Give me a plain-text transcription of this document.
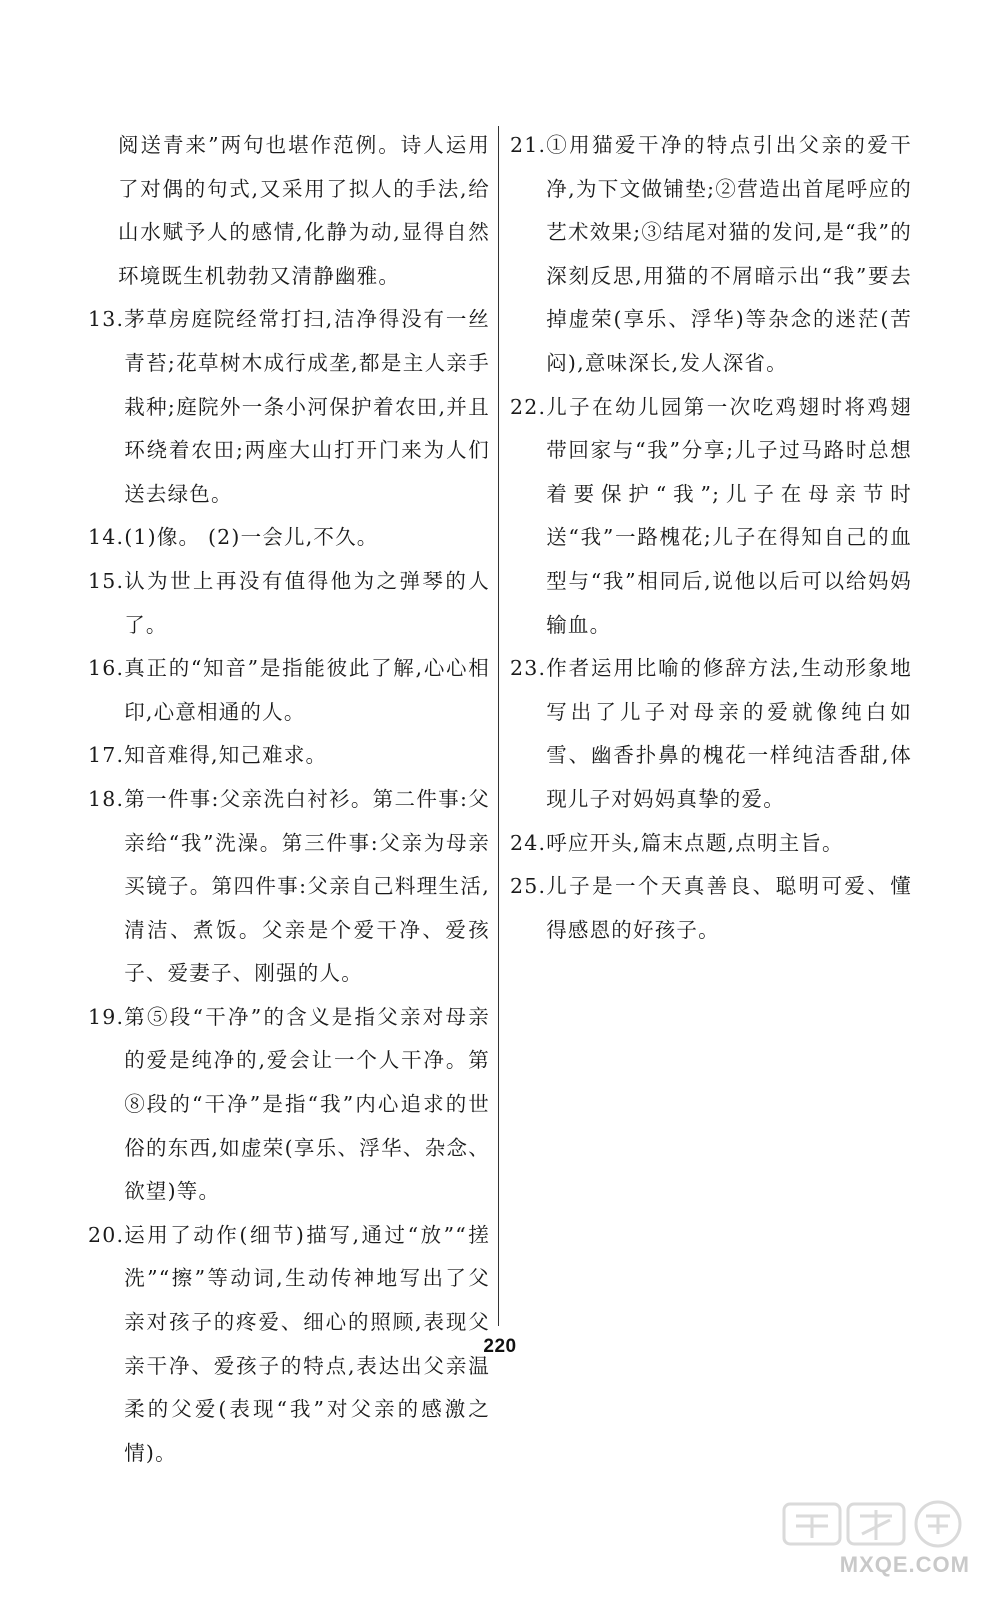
阅送青来”两句也堪作范例。诗人运用了对偶的句式,又采用了拟人的手法,给山水赋予人的感情,化静为动,显得自然环境既生机勃勃又清静幽雅。
13. 茅草房庭院经常打扫,洁净得没有一丝青苔;花草树木成行成垄,都是主人亲手栽种;庭院外一条小河保护着农田,并且环绕着农田;两座大山打开门来为人们送去绿色。
14. (1)像。 (2)一会儿,不久。
15. 认为世上再没有值得他为之弹琴的人了。
16. 真正的“知音”是指能彼此了解,心心相印,心意相通的人。
17. 知音难得,知己难求。
18. 第一件事:父亲洗白衬衫。第二件事:父亲给“我”洗澡。第三件事:父亲为母亲买镜子。第四件事:父亲自己料理生活,清洁、煮饭。父亲是个爱干净、爱孩子、爱妻子、刚强的人。
19. 第⑤段“干净”的含义是指父亲对母亲的爱是纯净的,爱会让一个人干净。第⑧段的“干净”是指“我”内心追求的世俗的东西,如虚荣(享乐、浮华、杂念、欲望)等。
20. 运用了动作(细节)描写,通过“放”“搓洗”“擦”等动词,生动传神地写出了父亲对孩子的疼爱、细心的照顾,表现父亲干净、爱孩子的特点,表达出父亲温柔的父爱(表现“我”对父亲的感激之情)。
21. ①用猫爱干净的特点引出父亲的爱干净,为下文做铺垫;②营造出首尾呼应的艺术效果;③结尾对猫的发问,是“我”的深刻反思,用猫的不屑暗示出“我”要去掉虚荣(享乐、浮华)等杂念的迷茫(苦闷),意味深长,发人深省。
22. 儿子在幼儿园第一次吃鸡翅时将鸡翅带回家与“我”分享;儿子过马路时总想着要保护“我”;儿子在母亲节时送“我”一路槐花;儿子在得知自己的血型与“我”相同后,说他以后可以给妈妈输血。
23. 作者运用比喻的修辞方法,生动形象地写出了儿子对母亲的爱就像纯白如雪、幽香扑鼻的槐花一样纯洁香甜,体现儿子对妈妈真挚的爱。
24. 呼应开头,篇末点题,点明主旨。
25. 儿子是一个天真善良、聪明可爱、懂得感恩的好孩子。
220
MXQE.COM
